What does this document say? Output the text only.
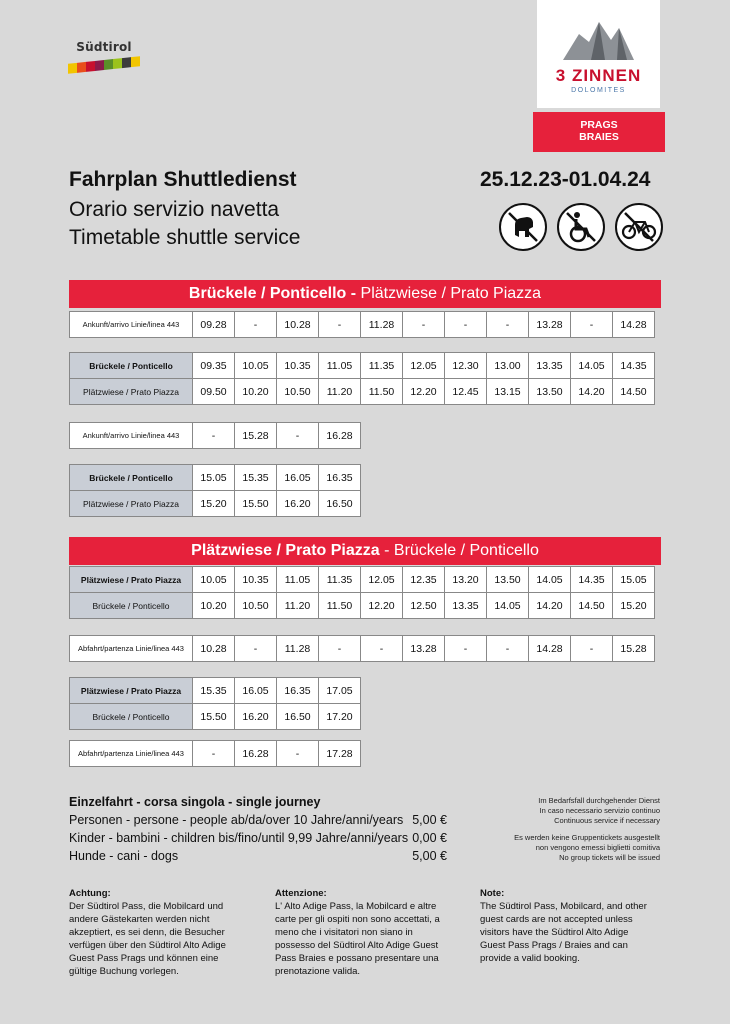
Südtirol
3 ZINNEN
DOLOMITES
PRAGS
BRAIES
Fahrplan Shuttledienst
Orario servizio navetta
Timetable shuttle service
25.12.23-01.04.24
Brückele / Ponticello - Plätzwiese / Prato Piazza
Ankunft/arrivo Linie/linea 443	09.28	-	10.28	-	11.28	-	-	-	13.28	-	14.28
Brückele / Ponticello	09.35	10.05	10.35	11.05	11.35	12.05	12.30	13.00	13.35	14.05	14.35
Plätzwiese / Prato Piazza	09.50	10.20	10.50	11.20	11.50	12.20	12.45	13.15	13.50	14.20	14.50
Ankunft/arrivo Linie/linea 443	-	15.28	-	16.28
Brückele / Ponticello	15.05	15.35	16.05	16.35
Plätzwiese / Prato Piazza	15.20	15.50	16.20	16.50
Plätzwiese / Prato Piazza - Brückele / Ponticello
Plätzwiese / Prato Piazza	10.05	10.35	11.05	11.35	12.05	12.35	13.20	13.50	14.05	14.35	15.05
Brückele / Ponticello	10.20	10.50	11.20	11.50	12.20	12.50	13.35	14.05	14.20	14.50	15.20
Abfahrt/partenza Linie/linea 443	10.28	-	11.28	-	-	13.28	-	-	14.28	-	15.28
Plätzwiese / Prato Piazza	15.35	16.05	16.35	17.05
Brückele / Ponticello	15.50	16.20	16.50	17.20
Abfahrt/partenza Linie/linea 443	-	16.28	-	17.28
Einzelfahrt - corsa singola - single journey
Personen - persone - people ab/da/over 10 Jahre/anni/years 5,00 €
Kinder - bambini - children bis/fino/until 9,99 Jahre/anni/years 0,00 €
Hunde - cani - dogs	5,00 €
Im Bedarfsfall durchgehender Dienst
In caso necessario servizio continuo
Continuous service if necessary
Es werden keine Gruppentickets ausgestellt
non vengono emessi biglietti comitiva
No group tickets will be issued
Achtung:
Der Südtirol Pass, die Mobilcard und andere Gästekarten werden nicht akzeptiert, es sei denn, die Besucher verfügen über den Südtirol Alto Adige Guest Pass Prags und können eine gültige Buchung vorlegen.
Attenzione:
L' Alto Adige Pass, la Mobilcard e altre carte per gli ospiti non sono accettati, a meno che i visitatori non siano in possesso del Südtirol Alto Adige Guest Pass Braies e possano presentare una prenotazione valida.
Note:
The Südtirol Pass, Mobilcard, and other guest cards are not accepted unless visitors have the Südtirol Alto Adige Guest Pass Prags / Braies and can provide a valid booking.
